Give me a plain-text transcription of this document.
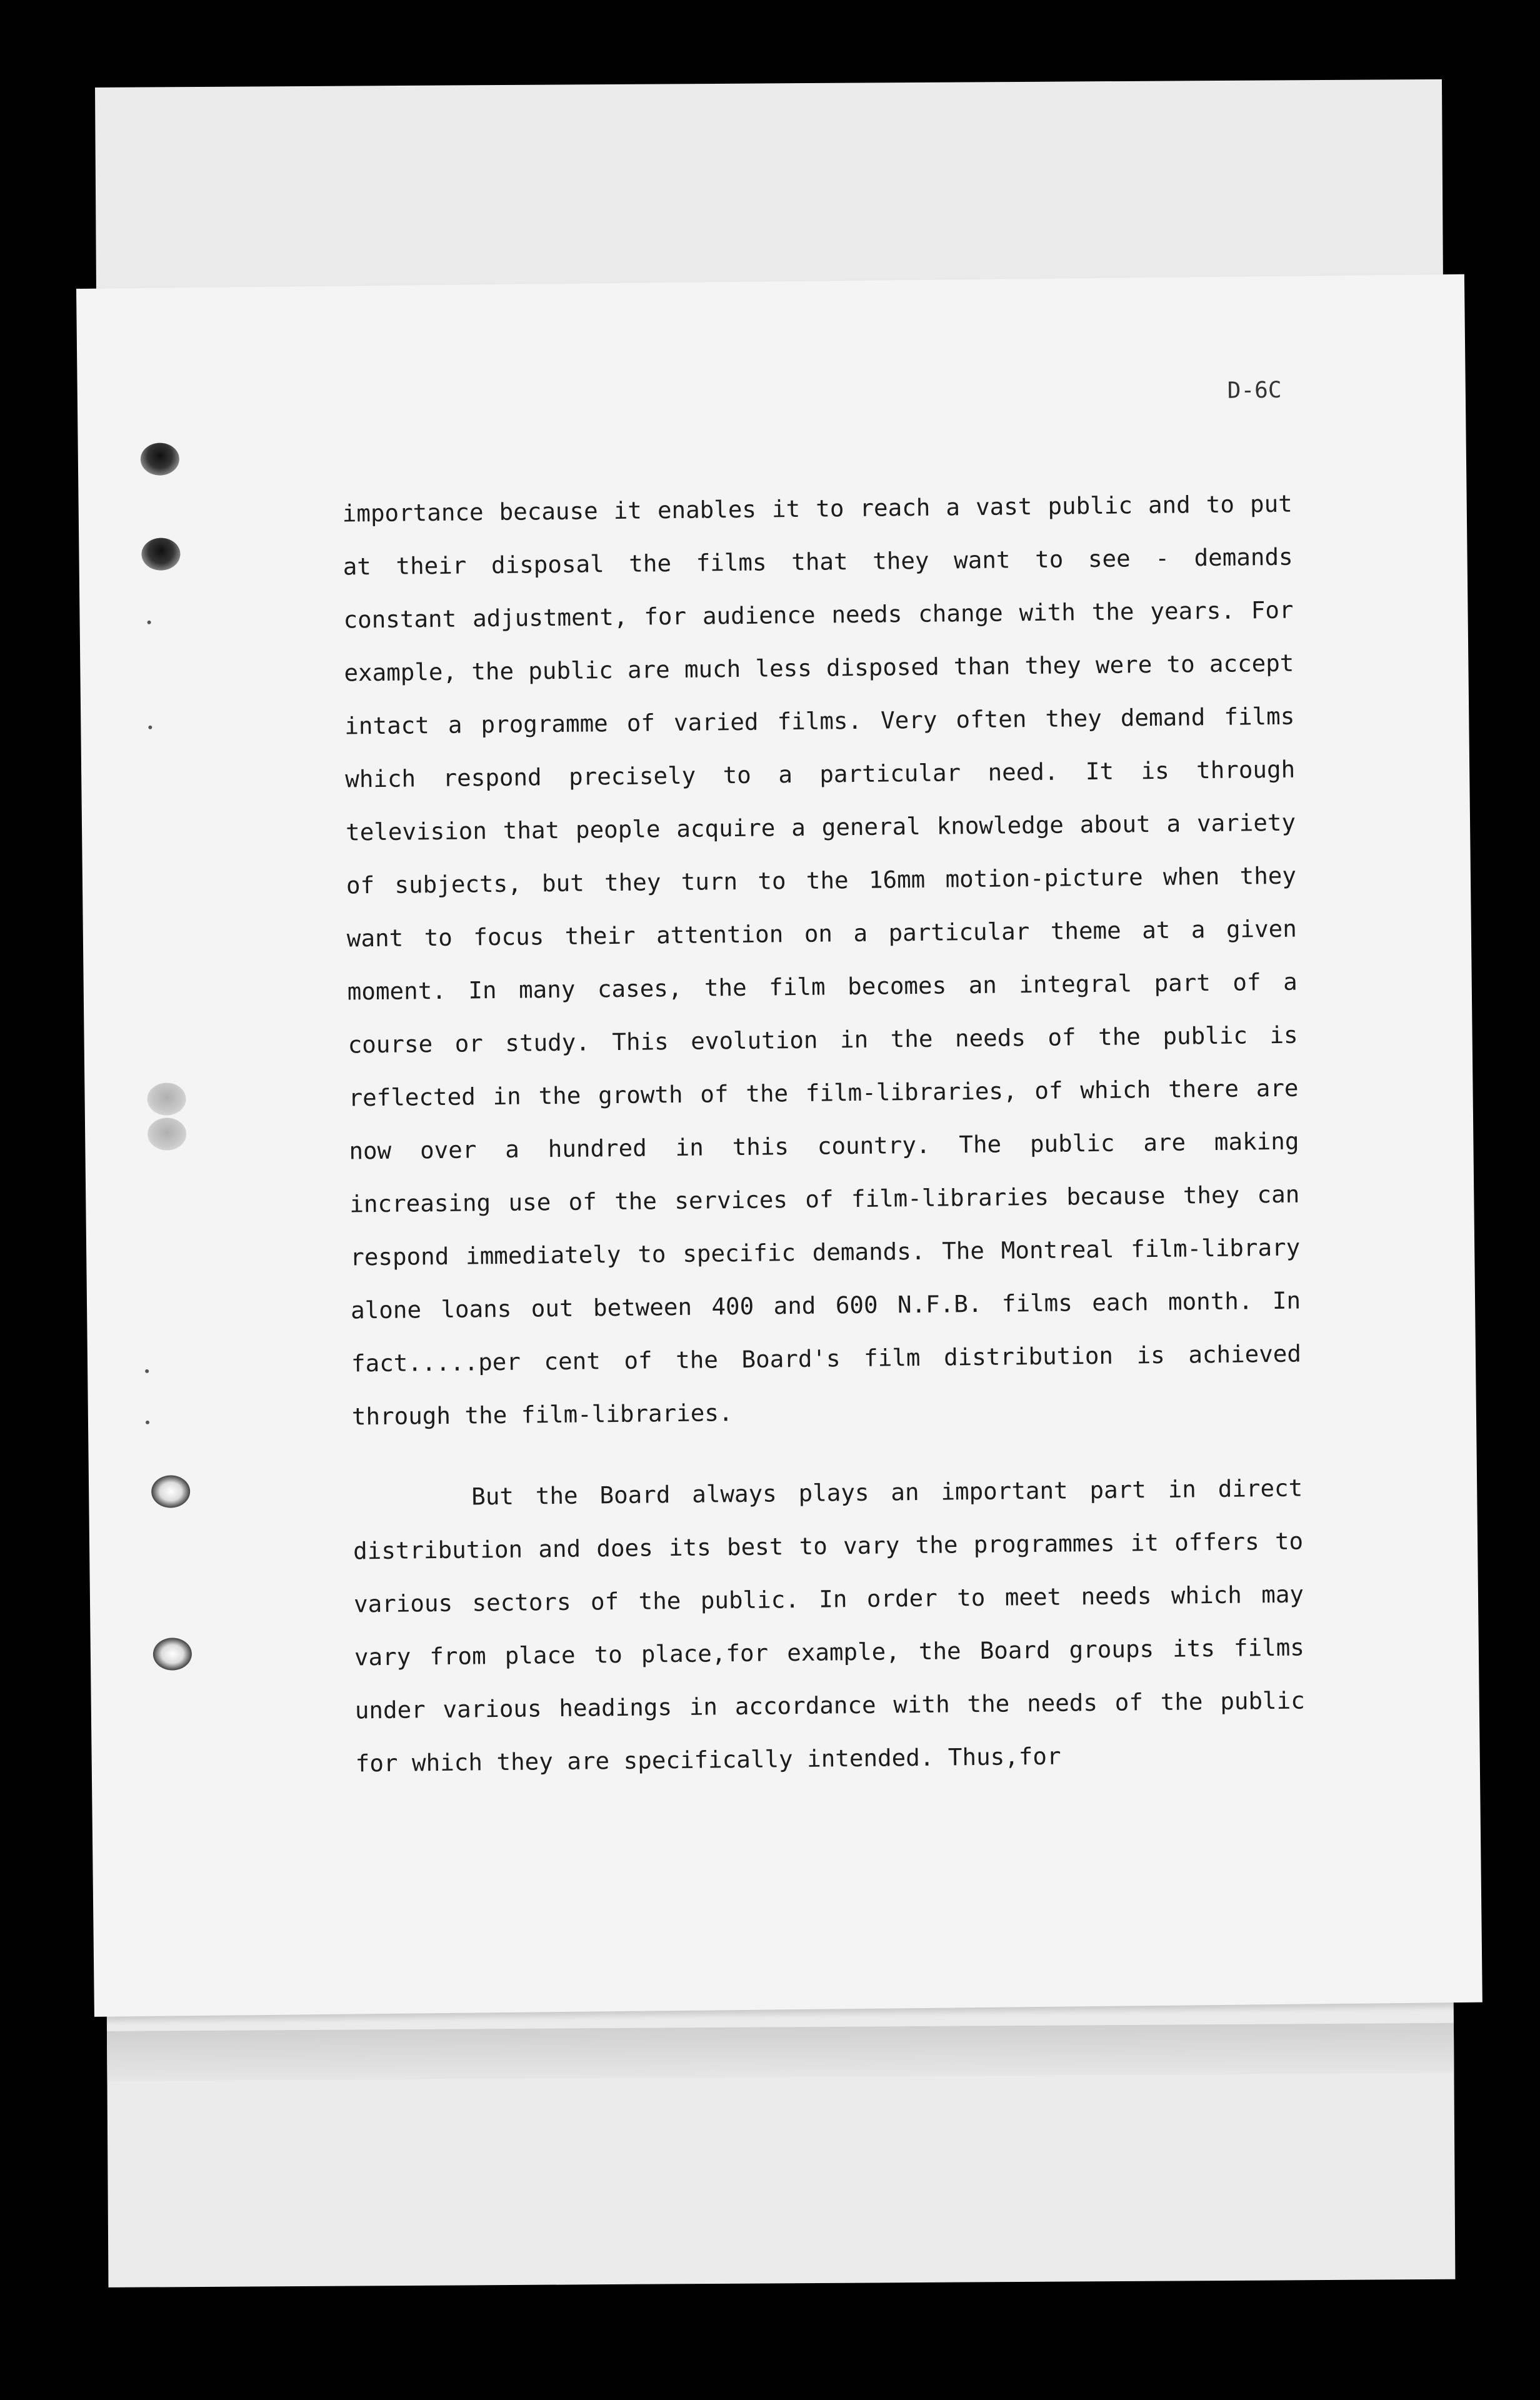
D-6C

importance because it enables it to reach a vast public and to put at their disposal the films that they want to see - demands constant adjustment, for audience needs change with the years. For example, the public are much less disposed than they were to accept intact a programme of varied films. Very often they demand films which respond precisely to a particular need. It is through television that people acquire a general knowledge about a variety of subjects, but they turn to the 16mm motion-picture when they want to focus their attention on a particular theme at a given moment. In many cases, the film becomes an integral part of a course or study. This evolution in the needs of the public is reflected in the growth of the film-libraries, of which there are now over a hundred in this country. The public are making increasing use of the services of film-libraries because they can respond immediately to specific demands. The Montreal film-library alone loans out between 400 and 600 N.F.B. films each month. In fact.....per cent of the Board's film distribution is achieved through the film-libraries.

But the Board always plays an important part in direct distribution and does its best to vary the programmes it offers to various sectors of the public. In order to meet needs which may vary from place to place,for example, the Board groups its films under various headings in accordance with the needs of the public for which they are specifically intended. Thus,for
